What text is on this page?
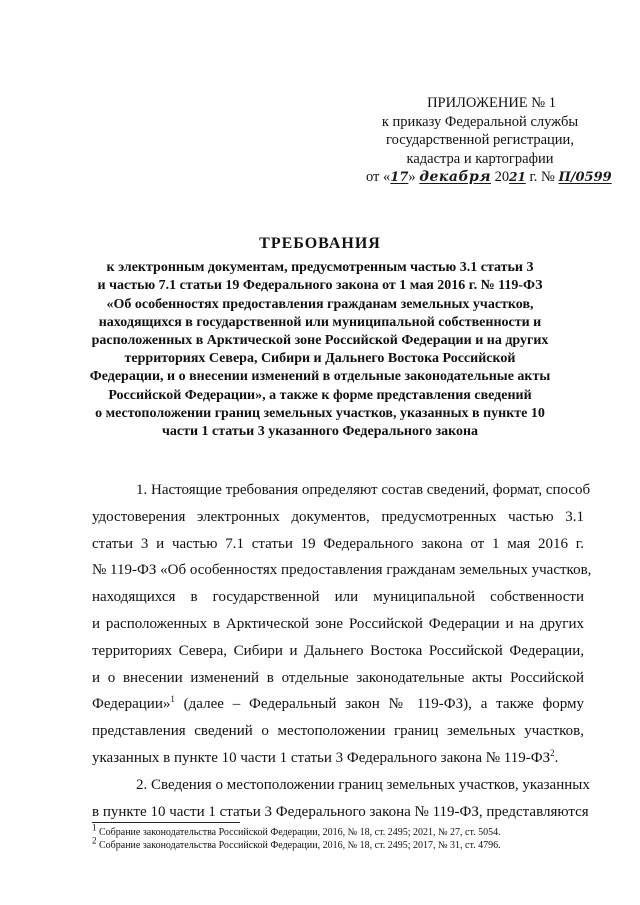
ПРИЛОЖЕНИЕ № 1
к приказу Федеральной службы
государственной регистрации,
кадастра и картографии
от «17» декабря 2021 г. № П/0599
ТРЕБОВАНИЯ
к электронным документам, предусмотренным частью 3.1 статьи 3
и частью 7.1 статьи 19 Федерального закона от 1 мая 2016 г. № 119-ФЗ
«Об особенностях предоставления гражданам земельных участков,
находящихся в государственной или муниципальной собственности и
расположенных в Арктической зоне Российской Федерации и на других
территориях Севера, Сибири и Дальнего Востока Российской
Федерации, и о внесении изменений в отдельные законодательные акты
Российской Федерации», а также к форме представления сведений
о местоположении границ земельных участков, указанных в пункте 10
части 1 статьи 3 указанного Федерального закона

1. Настоящие требования определяют состав сведений, формат, способ
удостоверения электронных документов, предусмотренных частью 3.1
статьи 3 и частью 7.1 статьи 19 Федерального закона от 1 мая 2016 г.
№ 119-ФЗ «Об особенностях предоставления гражданам земельных участков,
находящихся в государственной или муниципальной собственности
и расположенных в Арктической зоне Российской Федерации и на других
территориях Севера, Сибири и Дальнего Востока Российской Федерации,
и о внесении изменений в отдельные законодательные акты Российской
Федерации»$^1$ (далее – Федеральный закон № 119-ФЗ), а также форму
представления сведений о местоположении границ земельных участков,
указанных в пункте 10 части 1 статьи 3 Федерального закона № $119-ФЗ^2$.

2. Сведения о местоположении границ земельных участков, указанных
в пункте 10 части 1 статьи 3 Федерального закона № 119-ФЗ, представляются

$^1$ Собрание законодательства Российской Федерации, 2016, № 18, ст. 2495; 2021, № 27, ст. 5054.
$^2$ Собрание законодательства Российской Федерации, 2016, № 18, ст. 2495; 2017, № 31, ст. 4796.
